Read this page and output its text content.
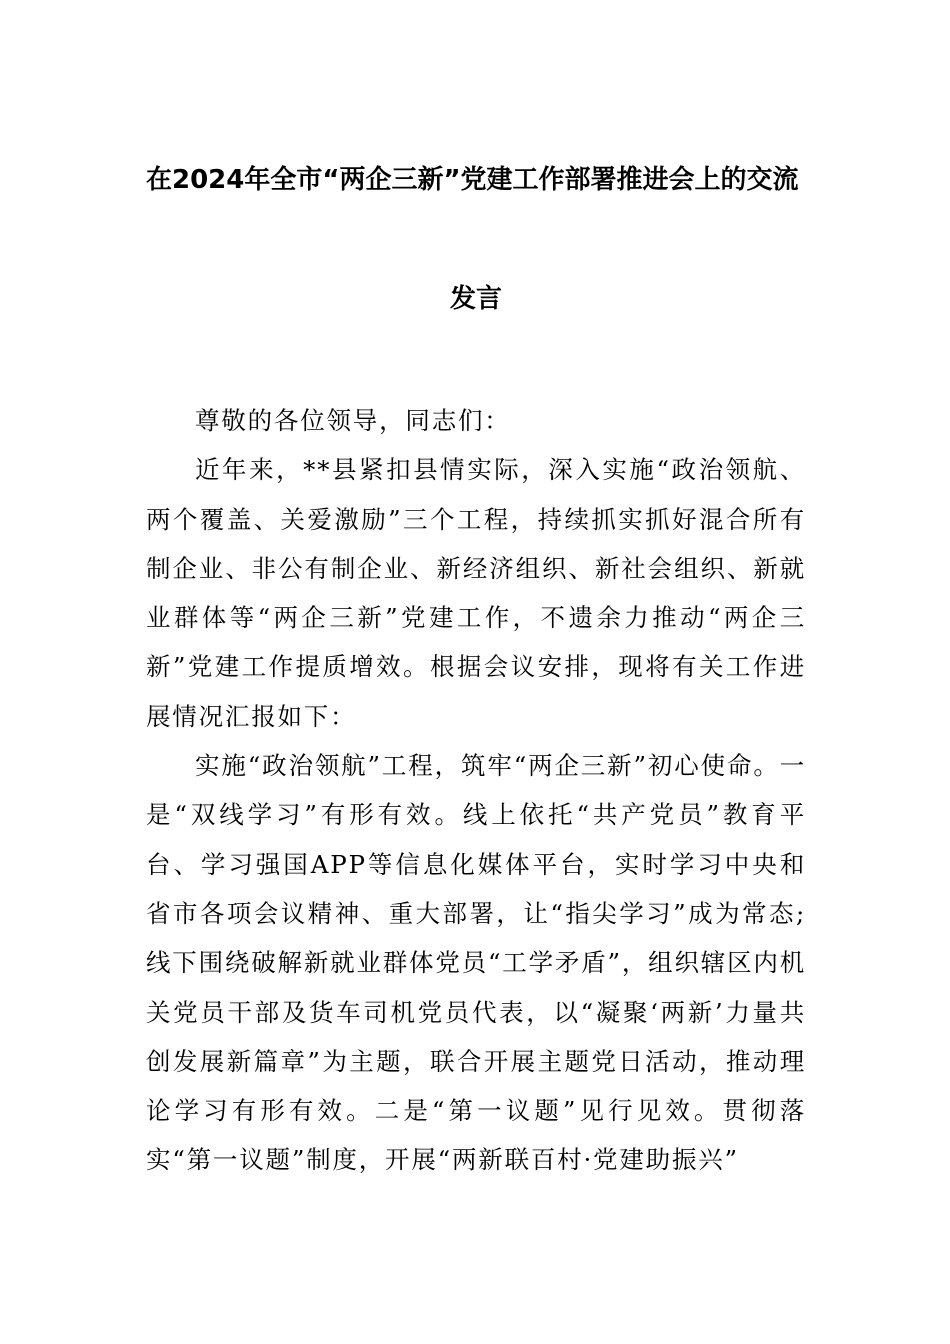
在2024年全市“两企三新”党建工作部署推进会上的交流
发言

尊敬的各位领导，同志们：

近年来，**县紧扣县情实际，深入实施“政治领航、两个覆盖、关爱激励”三个工程，持续抓实抓好混合所有制企业、非公有制企业、新经济组织、新社会组织、新就业群体等“两企三新”党建工作，不遗余力推动“两企三新”党建工作提质增效。根据会议安排，现将有关工作进展情况汇报如下：

实施“政治领航”工程，筑牢“两企三新”初心使命。一是“双线学习”有形有效。线上依托“共产党员”教育平台、学习强国APP等信息化媒体平台，实时学习中央和省市各项会议精神、重大部署，让“指尖学习”成为常态;线下围绕破解新就业群体党员“工学矛盾”，组织辖区内机关党员干部及货车司机党员代表，以“凝聚‘两新’力量共创发展新篇章”为主题，联合开展主题党日活动，推动理论学习有形有效。二是“第一议题”见行见效。贯彻落实“第一议题”制度，开展“两新联百村·党建助振兴”
